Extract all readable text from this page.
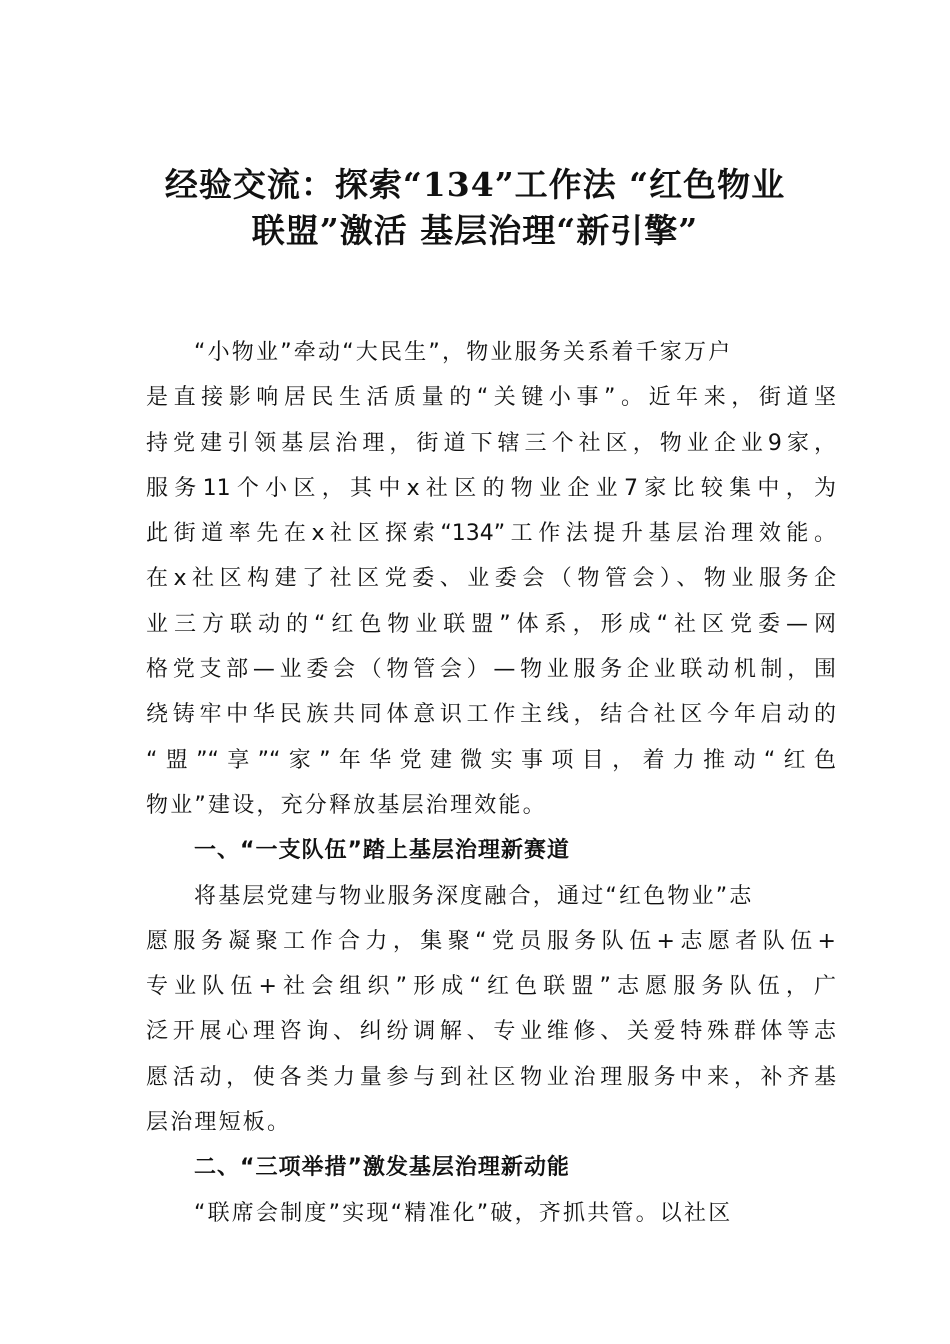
经验交流：探索“134”工作法 “红色物业
联盟”激活 基层治理“新引擎”
“小物业”牵动“大民生”，物业服务关系着千家万户
是直接影响居民生活质量的“关键小事”。近年来，街道坚
持党建引领基层治理，街道下辖三个社区，物业企业9家，
服务11个小区，其中x社区的物业企业7家比较集中，为
此街道率先在x社区探索“134”工作法提升基层治理效能。
在x社区构建了社区党委、业委会（物管会）、物业服务企
业三方联动的“红色物业联盟”体系，形成“社区党委—网
格党支部—业委会（物管会）—物业服务企业联动机制，围
绕铸牢中华民族共同体意识工作主线，结合社区今年启动的
“盟”“享”“家”年华党建微实事项目，着力推动“红色
物业”建设，充分释放基层治理效能。
一、“一支队伍”踏上基层治理新赛道
将基层党建与物业服务深度融合，通过“红色物业”志
愿服务凝聚工作合力，集聚“党员服务队伍+志愿者队伍+
专业队伍+社会组织”形成“红色联盟”志愿服务队伍，广
泛开展心理咨询、纠纷调解、专业维修、关爱特殊群体等志
愿活动，使各类力量参与到社区物业治理服务中来，补齐基
层治理短板。
二、“三项举措”激发基层治理新动能
“联席会制度”实现“精准化”破，齐抓共管。以社区
